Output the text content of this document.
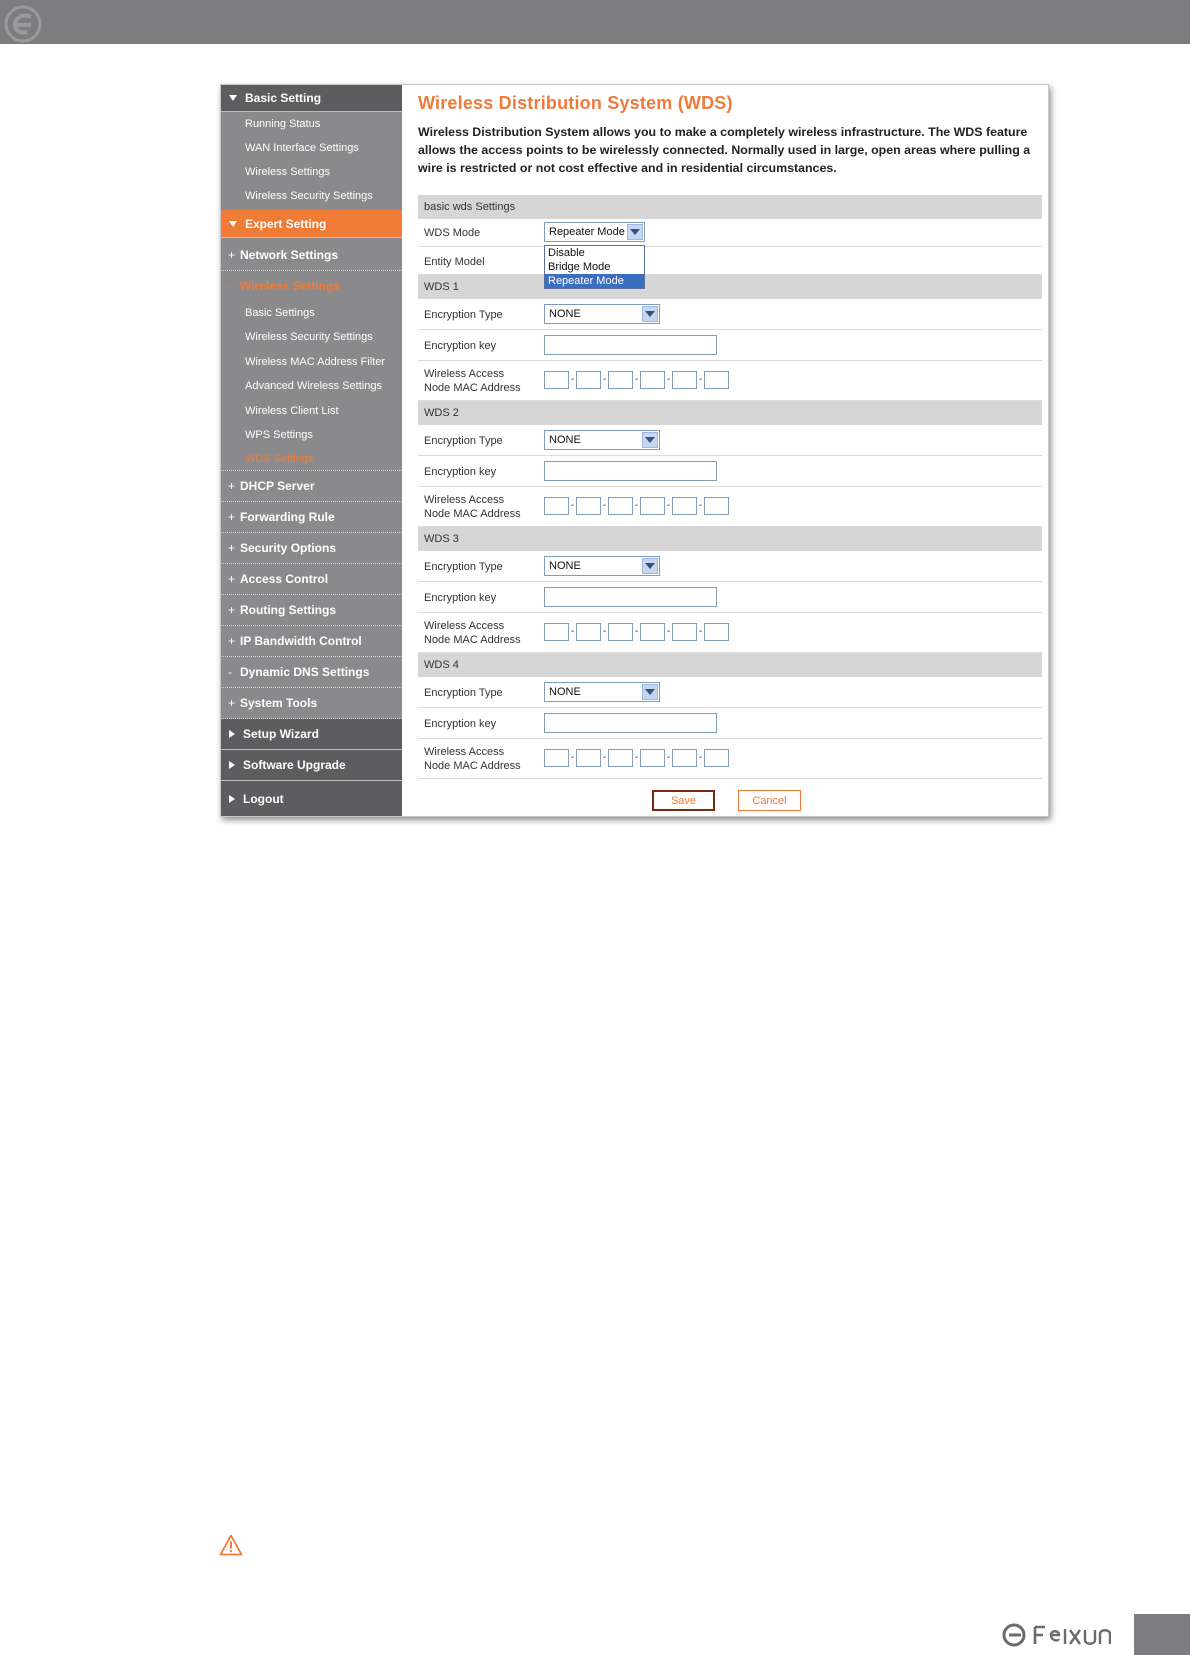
Basic Setting
Running Status
WAN Interface Settings
Wireless Settings
Wireless Security Settings
Expert Setting
+ Network Settings
- Wireless Settings
Basic Settings
Wireless Security Settings
Wireless MAC Address Filter
Advanced Wireless Settings
Wireless Client List
WPS Settings
WDS Settings
+ DHCP Server
+ Forwarding Rule
+ Security Options
+ Access Control
+ Routing Settings
+ IP Bandwidth Control
- Dynamic DNS Settings
+ System Tools
Setup Wizard
Software Upgrade
Logout
Wireless Distribution System (WDS)
Wireless Distribution System allows you to make a completely wireless infrastructure. The WDS feature allows the access points to be wirelessly connected. Normally used in large, open areas where pulling a wire is restricted or not cost effective and in residential circumstances.
basic wds Settings
WDS Mode	Repeater Mode
Disable
Bridge Mode
Repeater Mode
Entity Model
WDS 1
Encryption Type	NONE
Encryption key
Wireless Access
Node MAC Address
-	-	-	-	-
WDS 2
Encryption Type	NONE
Encryption key
Wireless Access
Node MAC Address
-	-	-	-	-
WDS 3
Encryption Type	NONE
Encryption key
Wireless Access
Node MAC Address
-	-	-	-	-
WDS 4
Encryption Type	NONE
Encryption key
Wireless Access
Node MAC Address
-	-	-	-	-
Save	Cancel
